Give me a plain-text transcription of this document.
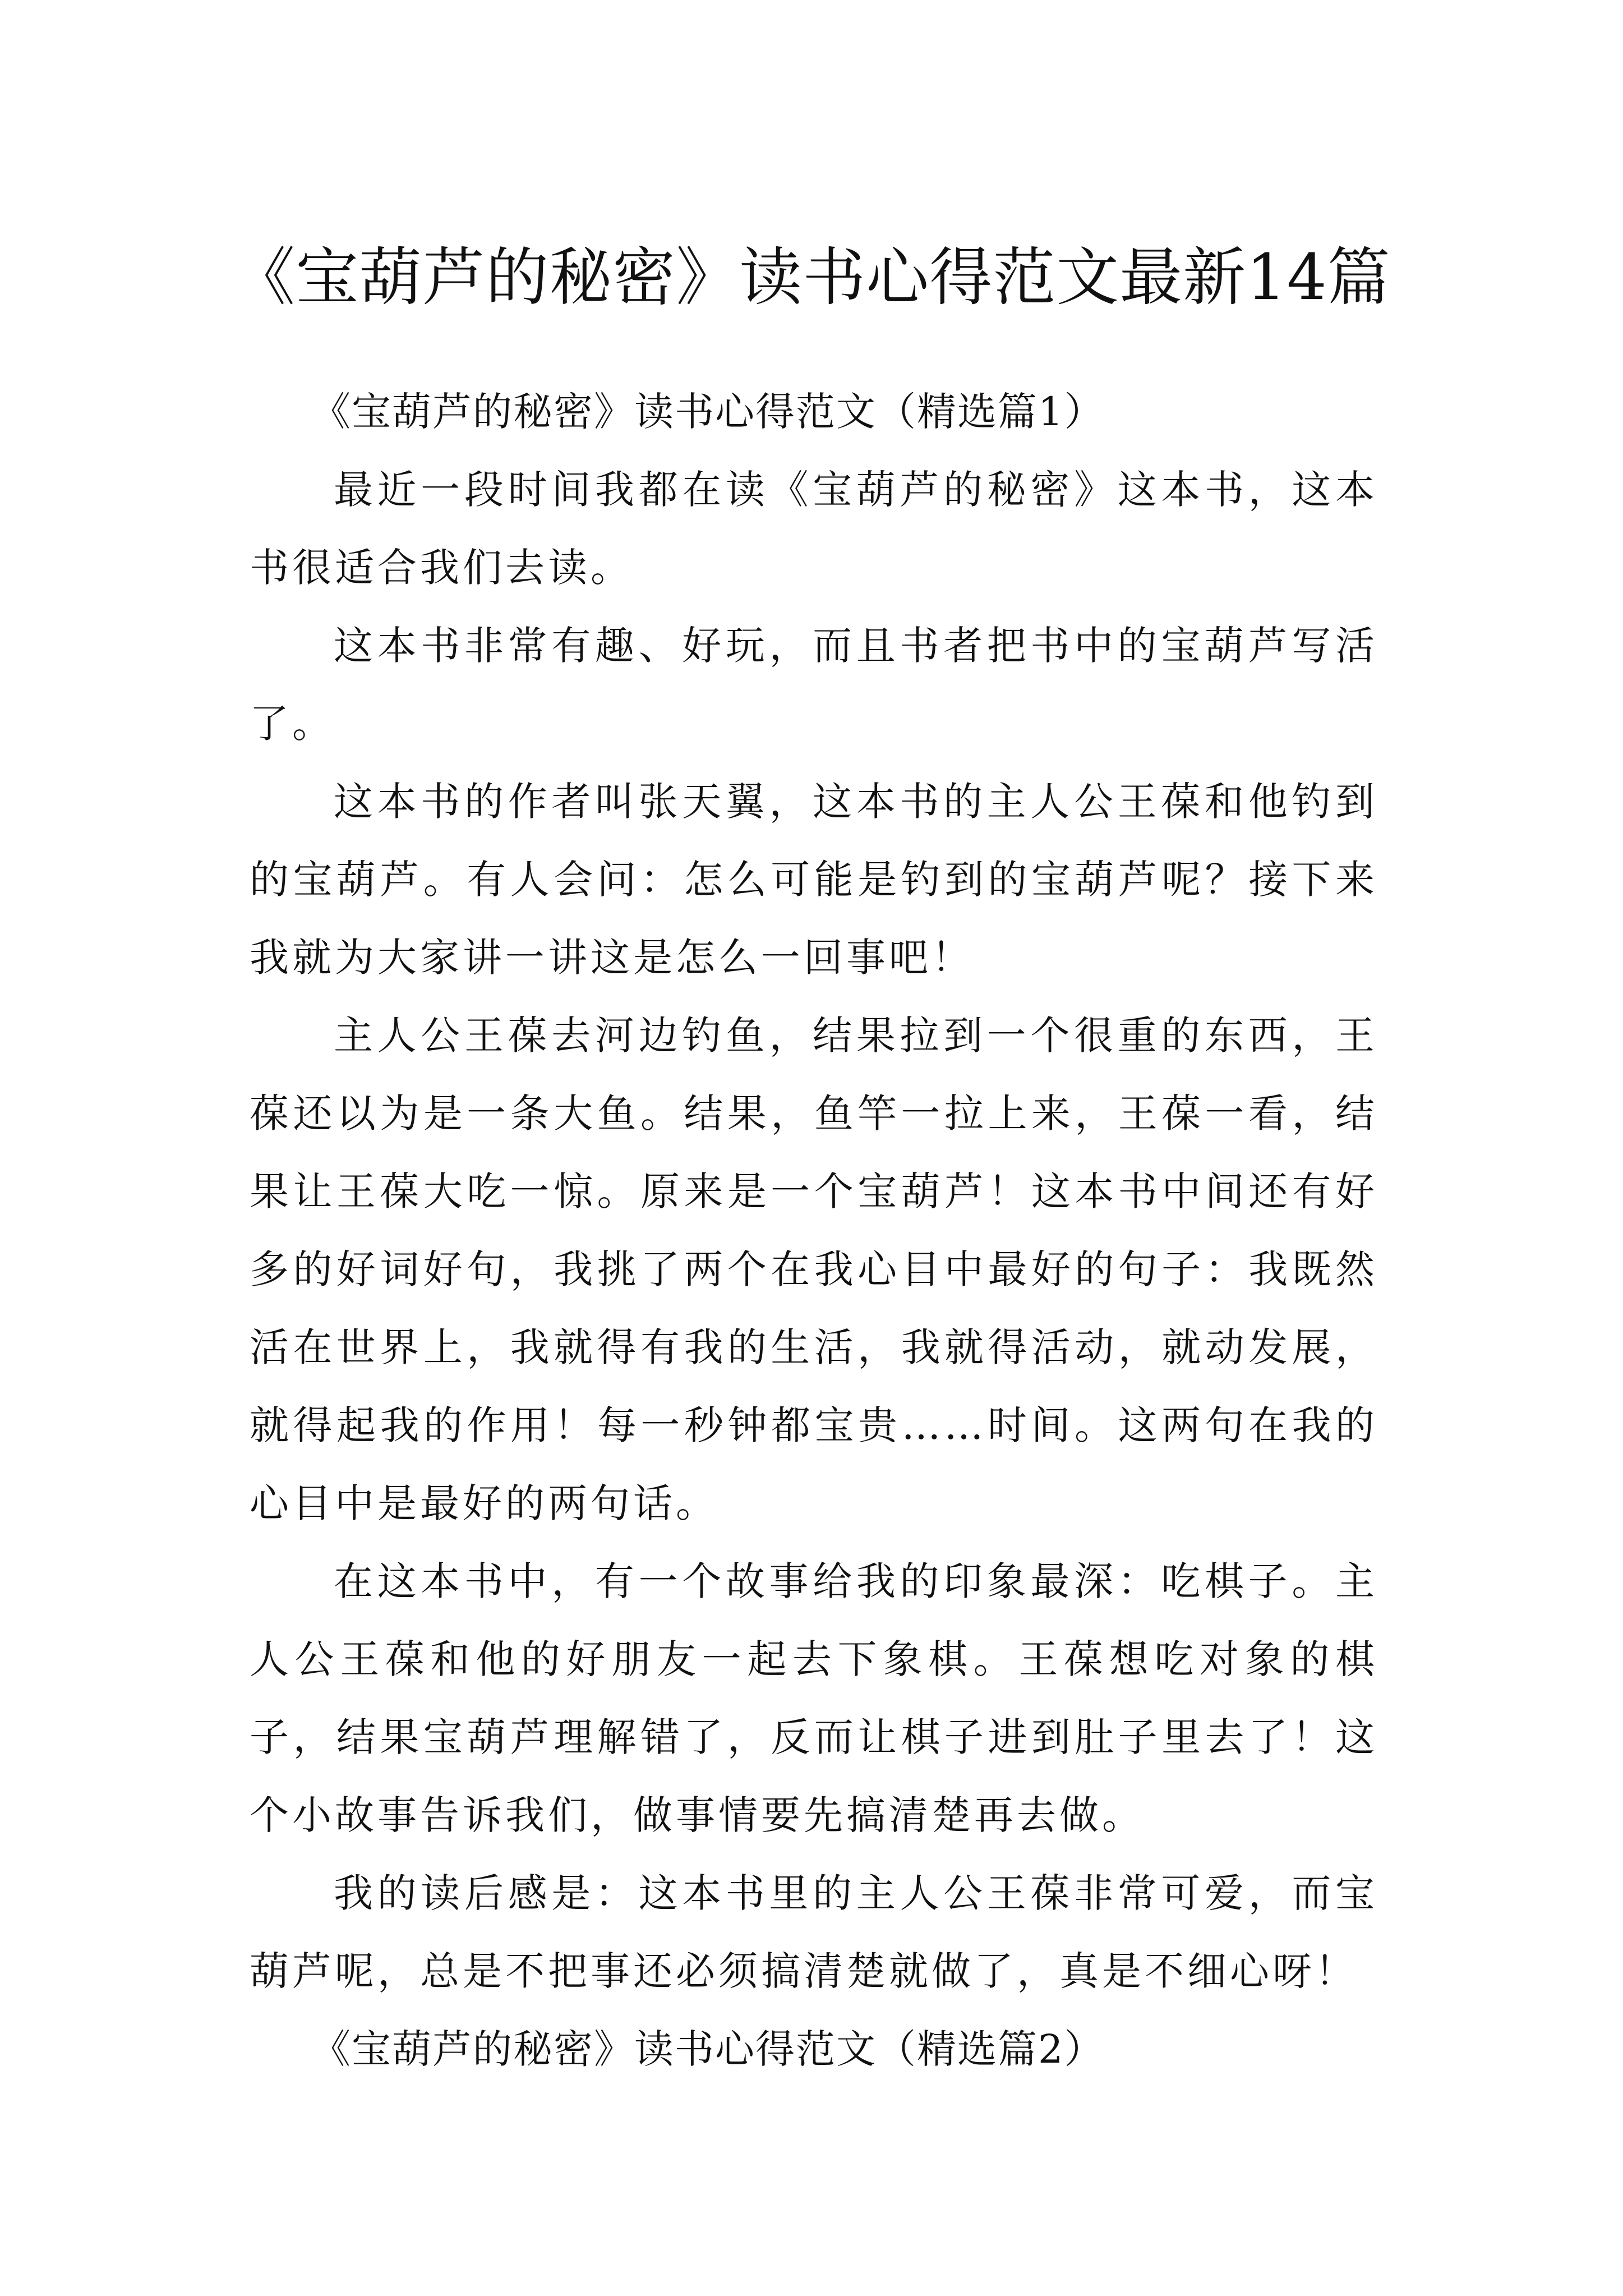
《宝葫芦的秘密》读书心得范文最新14篇

《宝葫芦的秘密》读书心得范文（精选篇1）

最近一段时间我都在读《宝葫芦的秘密》这本书，这本书很适合我们去读。

这本书非常有趣、好玩，而且书者把书中的宝葫芦写活了。

这本书的作者叫张天翼，这本书的主人公王葆和他钓到的宝葫芦。有人会问：怎么可能是钓到的宝葫芦呢？接下来我就为大家讲一讲这是怎么一回事吧！

主人公王葆去河边钓鱼，结果拉到一个很重的东西，王葆还以为是一条大鱼。结果，鱼竿一拉上来，王葆一看，结果让王葆大吃一惊。原来是一个宝葫芦！这本书中间还有好多的好词好句，我挑了两个在我心目中最好的句子：我既然活在世界上，我就得有我的生活，我就得活动，就动发展，就得起我的作用！每一秒钟都宝贵……时间。这两句在我的心目中是最好的两句话。

在这本书中，有一个故事给我的印象最深：吃棋子。主人公王葆和他的好朋友一起去下象棋。王葆想吃对象的棋子，结果宝葫芦理解错了，反而让棋子进到肚子里去了！这个小故事告诉我们，做事情要先搞清楚再去做。

我的读后感是：这本书里的主人公王葆非常可爱，而宝葫芦呢，总是不把事还必须搞清楚就做了，真是不细心呀！

《宝葫芦的秘密》读书心得范文（精选篇2）
